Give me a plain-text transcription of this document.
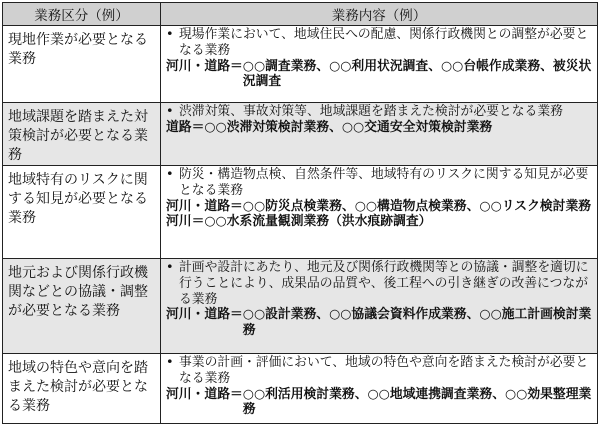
業務区分（例）	業務内容（例）
現地作業が必要となる業務	• 現場作業において、地域住民への配慮、関係行政機関との調整が必要となる業務
河川・道路＝ ○○調査業務、○○利用状況調査、○○台帳作成業務、被災状況調査

地域課題を踏まえた対策検討が必要となる業務	• 渋滞対策、事故対策等、地域課題を踏まえた検討が必要となる業務
道路＝ ○○渋滞対策検討業務、○○交通安全対策検討業務

地域特有のリスクに関する知見が必要となる業務	• 防災・構造物点検、自然条件等、地域特有のリスクに関する知見が必要となる業務
河川・道路＝ ○○防災点検業務、○○構造物点検業務、○○リスク検討業務
河川＝○○水系流量観測業務（洪水痕跡調査）

地元および関係行政機関などとの協議・調整が必要となる業務	• 計画や設計にあたり、地元及び関係行政機関等との協議・調整を適切に行うことにより、成果品の品質や、後工程への引き継ぎの改善につながる業務
河川・道路＝ ○○設計業務、○○協議会資料作成業務、○○施工計画検討業務

地域の特色や意向を踏まえた検討が必要となる業務	• 事業の計画・評価において、地域の特色や意向を踏まえた検討が必要となる業務
河川・道路＝ ○○利活用検討業務、○○地域連携調査業務、○○効果整理業務
